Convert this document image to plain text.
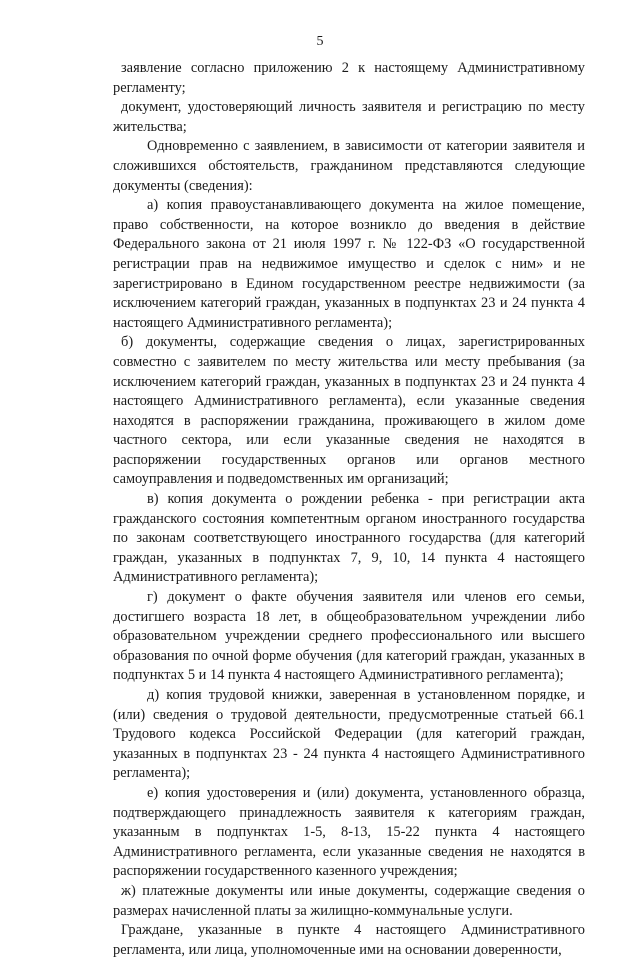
5

заявление согласно приложению 2 к настоящему Административному регламенту;

документ, удостоверяющий личность заявителя и регистрацию по месту жительства;

Одновременно с заявлением, в зависимости от категории заявителя и сложившихся обстоятельств, гражданином представляются следующие документы (сведения):

а) копия правоустанавливающего документа на жилое помещение, право собственности, на которое возникло до введения в действие Федерального закона от 21 июля 1997 г. № 122-ФЗ «О государственной регистрации прав на недвижимое имущество и сделок с ним» и не зарегистрировано в Едином государственном реестре недвижимости (за исключением категорий граждан, указанных в подпунктах 23 и 24 пункта 4 настоящего Административного регламента);

б) документы, содержащие сведения о лицах, зарегистрированных совместно с заявителем по месту жительства или месту пребывания (за исключением категорий граждан, указанных в подпунктах 23 и 24 пункта 4 настоящего Административного регламента), если указанные сведения находятся в распоряжении гражданина, проживающего в жилом доме частного сектора, или если указанные сведения не находятся в распоряжении государственных органов или органов местного самоуправления и подведомственных им организаций;

в) копия документа о рождении ребенка - при регистрации акта гражданского состояния компетентным органом иностранного государства по законам соответствующего иностранного государства (для категорий граждан, указанных в подпунктах 7, 9, 10, 14 пункта 4 настоящего Административного регламента);

г) документ о факте обучения заявителя или членов его семьи, достигшего возраста 18 лет, в общеобразовательном учреждении либо образовательном учреждении среднего профессионального или высшего образования по очной форме обучения (для категорий граждан, указанных в подпунктах 5 и 14 пункта 4 настоящего Административного регламента);

д) копия трудовой книжки, заверенная в установленном порядке, и (или) сведения о трудовой деятельности, предусмотренные статьей 66.1 Трудового кодекса Российской Федерации (для категорий граждан, указанных в подпунктах 23 - 24 пункта 4 настоящего Административного регламента);

е) копия удостоверения и (или) документа, установленного образца, подтверждающего принадлежность заявителя к категориям граждан, указанным в подпунктах 1-5, 8-13, 15-22 пункта 4 настоящего Административного регламента, если указанные сведения не находятся в распоряжении государственного казенного учреждения;

ж) платежные документы или иные документы, содержащие сведения о размерах начисленной платы за жилищно-коммунальные услуги.

Граждане, указанные в пункте 4 настоящего Административного регламента, или лица, уполномоченные ими на основании доверенности,
